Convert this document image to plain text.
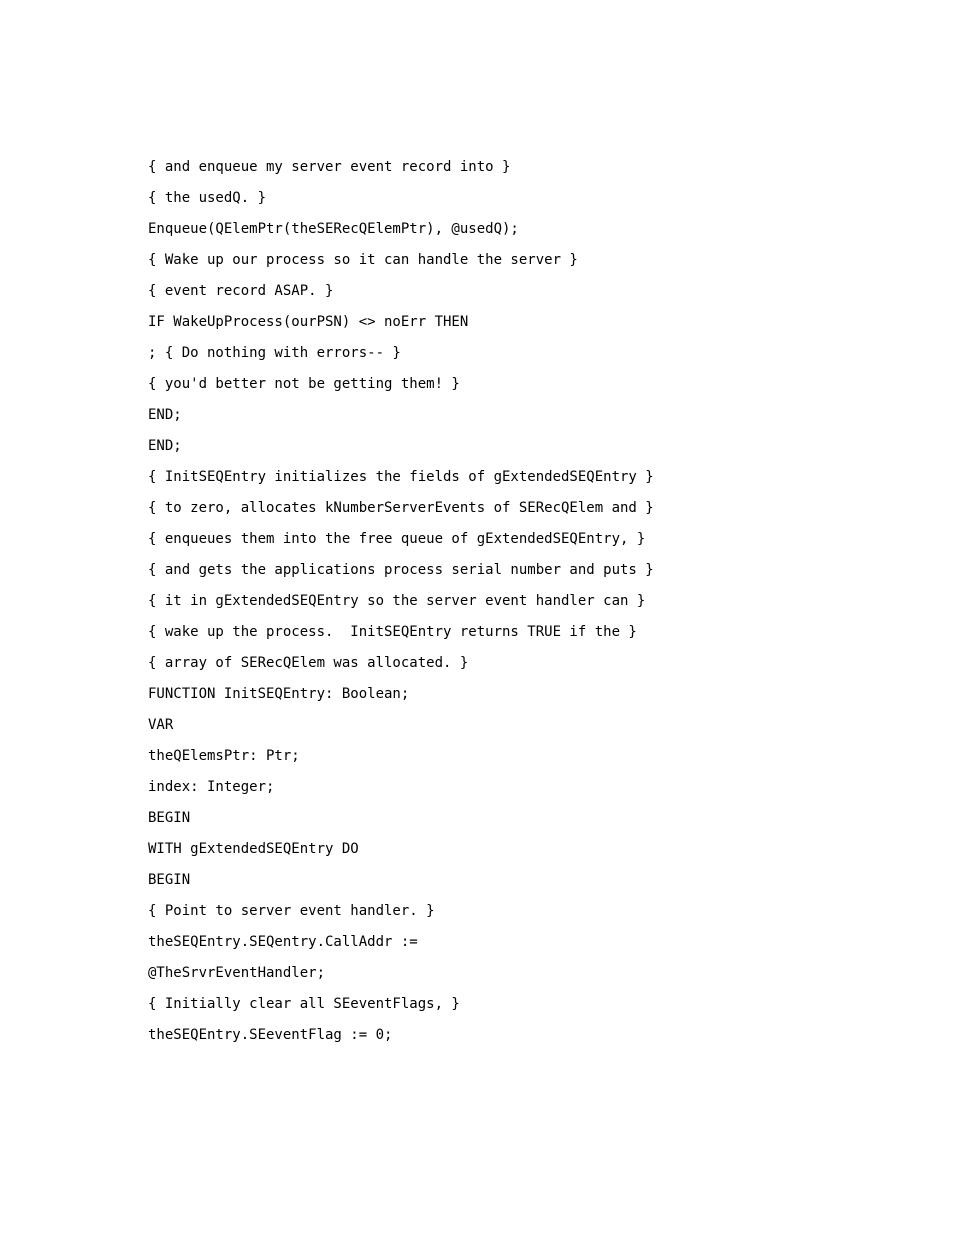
{ and enqueue my server event record into }
{ the usedQ. }
Enqueue(QElemPtr(theSERecQElemPtr), @usedQ);
{ Wake up our process so it can handle the server }
{ event record ASAP. }
IF WakeUpProcess(ourPSN) <> noErr THEN
; { Do nothing with errors-- }
{ you'd better not be getting them! }
END;
END;
{ InitSEQEntry initializes the fields of gExtendedSEQEntry }
{ to zero, allocates kNumberServerEvents of SERecQElem and }
{ enqueues them into the free queue of gExtendedSEQEntry, }
{ and gets the applications process serial number and puts }
{ it in gExtendedSEQEntry so the server event handler can }
{ wake up the process.  InitSEQEntry returns TRUE if the }
{ array of SERecQElem was allocated. }
FUNCTION InitSEQEntry: Boolean;
VAR
theQElemsPtr: Ptr;
index: Integer;
BEGIN
WITH gExtendedSEQEntry DO
BEGIN
{ Point to server event handler. }
theSEQEntry.SEQentry.CallAddr :=
@TheSrvrEventHandler;
{ Initially clear all SEeventFlags, }
theSEQEntry.SEeventFlag := 0;
